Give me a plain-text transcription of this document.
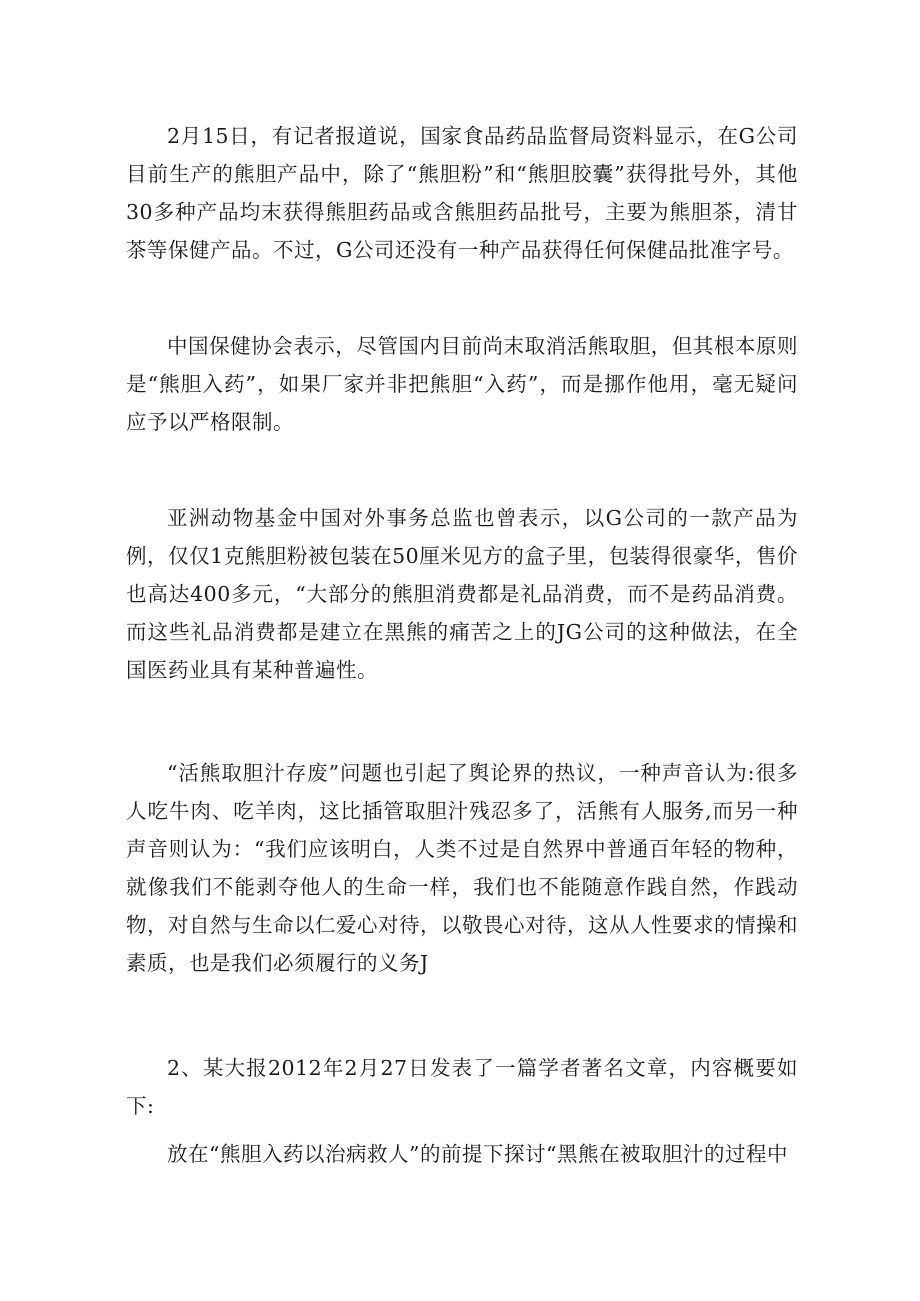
2月15日，有记者报道说，国家食品药品监督局资料显示，在G公司目前生产的熊胆产品中，除了“熊胆粉”和“熊胆胶囊”获得批号外，其他30多种产品均末获得熊胆药品或含熊胆药品批号，主要为熊胆茶，清甘茶等保健产品。不过，G公司还没有一种产品获得任何保健品批准字号。

中国保健协会表示，尽管国内目前尚末取消活熊取胆，但其根本原则是“熊胆入药”，如果厂家并非把熊胆“入药”，而是挪作他用，毫无疑问应予以严格限制。

亚洲动物基金中国对外事务总监也曾表示，以G公司的一款产品为例，仅仅1克熊胆粉被包装在50厘米见方的盒子里，包装得很豪华，售价也高达400多元，“大部分的熊胆消费都是礼品消费，而不是药品消费。而这些礼品消费都是建立在黑熊的痛苦之上的JG公司的这种做法，在全国医药业具有某种普遍性。

“活熊取胆汁存废”问题也引起了舆论界的热议，一种声音认为:很多人吃牛肉、吃羊肉，这比插管取胆汁残忍多了，活熊有人服务,而另一种声音则认为：“我们应该明白，人类不过是自然界中普通百年轻的物种，就像我们不能剥夺他人的生命一样，我们也不能随意作践自然，作践动物，对自然与生命以仁爱心对待，以敬畏心对待，这从人性要求的情操和素质，也是我们必须履行的义务J

2、某大报2012年2月27日发表了一篇学者著名文章，内容概要如下:

放在“熊胆入药以治病救人”的前提下探讨“黑熊在被取胆汁的过程中
